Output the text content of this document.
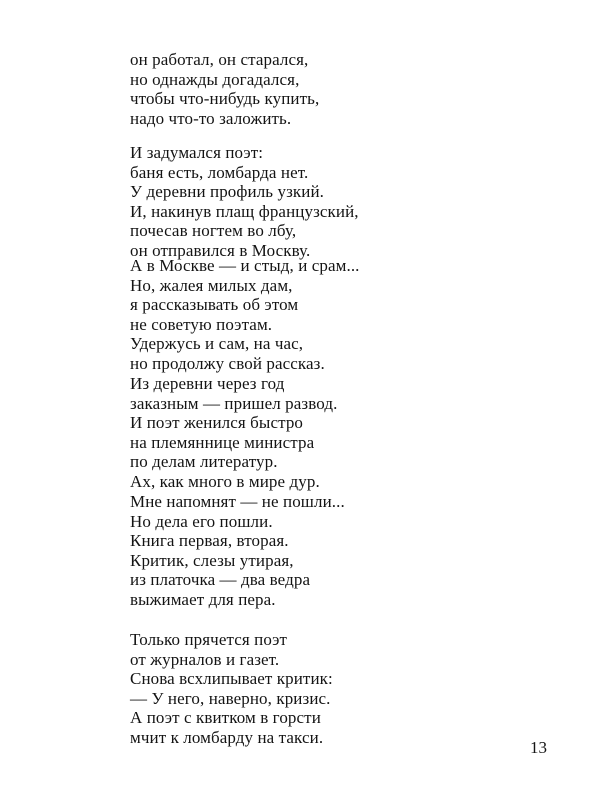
он работал, он старался,
но однажды догадался,
чтобы что-нибудь купить,
надо что-то заложить.
И задумался поэт:
баня есть, ломбарда нет.
У деревни профиль узкий.
И, накинув плащ французский,
почесав ногтем во лбу,
он отправился в Москву.
А в Москве — и стыд, и срам...
Но, жалея милых дам,
я рассказывать об этом
не советую поэтам.
Удержусь и сам, на час,
но продолжу свой рассказ.
Из деревни через год
заказным — пришел развод.
И поэт женился быстро
на племяннице министра
по делам литератур.
Ах, как много в мире дур.
Мне напомнят — не пошли...
Но дела его пошли.
Книга первая, вторая.
Критик, слезы утирая,
из платочка — два ведра
выжимает для пера.
Только прячется поэт
от журналов и газет.
Снова всхлипывает критик:
— У него, наверно, кризис.
А поэт с квитком в горсти
мчит к ломбарду на такси.
13
